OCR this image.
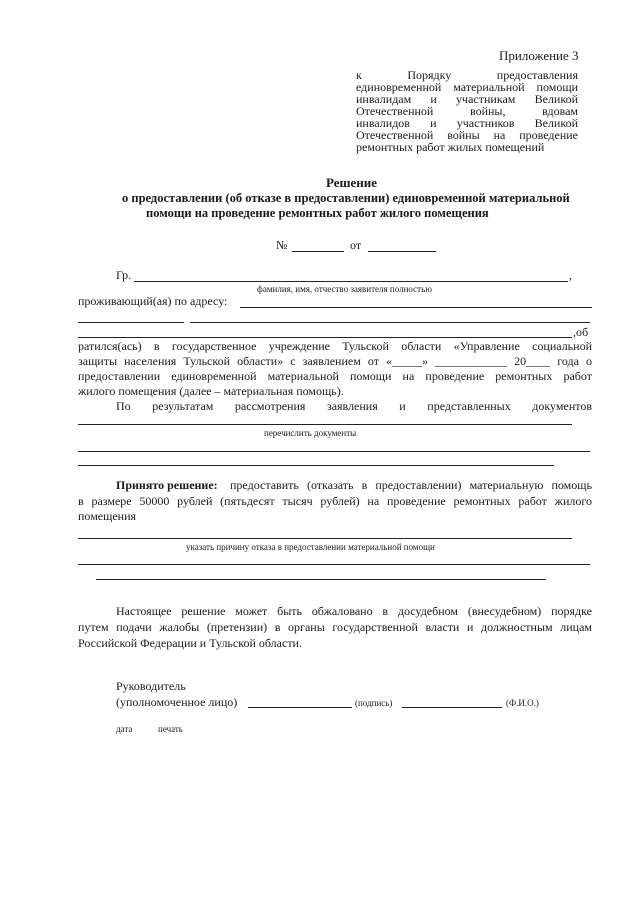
Приложение 3
к Порядку предоставления
единовременной материальной помощи
инвалидам и участникам Великой
Отечественной войны, вдовам
инвалидов и участников Великой
Отечественной войны на проведение
ремонтных работ жилых помещений
Решение
о предоставлении (об отказе в предоставлении) единовременной материальной
помощи на проведение ремонтных работ жилого помещения
№	от
Гр.	,
фамилия, имя, отчество заявителя полностью
проживающий(ая) по адресу:
,об
ратился(ась) в государственное учреждение Тульской области «Управление социальной
защиты населения Тульской области» с заявлением от «_____» ____________ 20____ года о
предоставлении единовременной материальной помощи на проведение ремонтных работ
жилого помещения (далее – материальная помощь).
По результатам рассмотрения заявления и представленных документов
перечислить документы
Принято решение: предоставить (отказать в предоставлении) материальную помощь
в размере 50000 рублей (пятьдесят тысяч рублей) на проведение ремонтных работ жилого
помещения
указать причину отказа в предоставлении материальной помощи
Настоящее решение может быть обжаловано в досудебном (внесудебном) порядке
путем подачи жалобы (претензии) в органы государственной власти и должностным лицам
Российской Федерации и Тульской области.
Руководитель
(уполномоченное лицо)	(подпись)	(Ф.И.О.)
дата	печать
